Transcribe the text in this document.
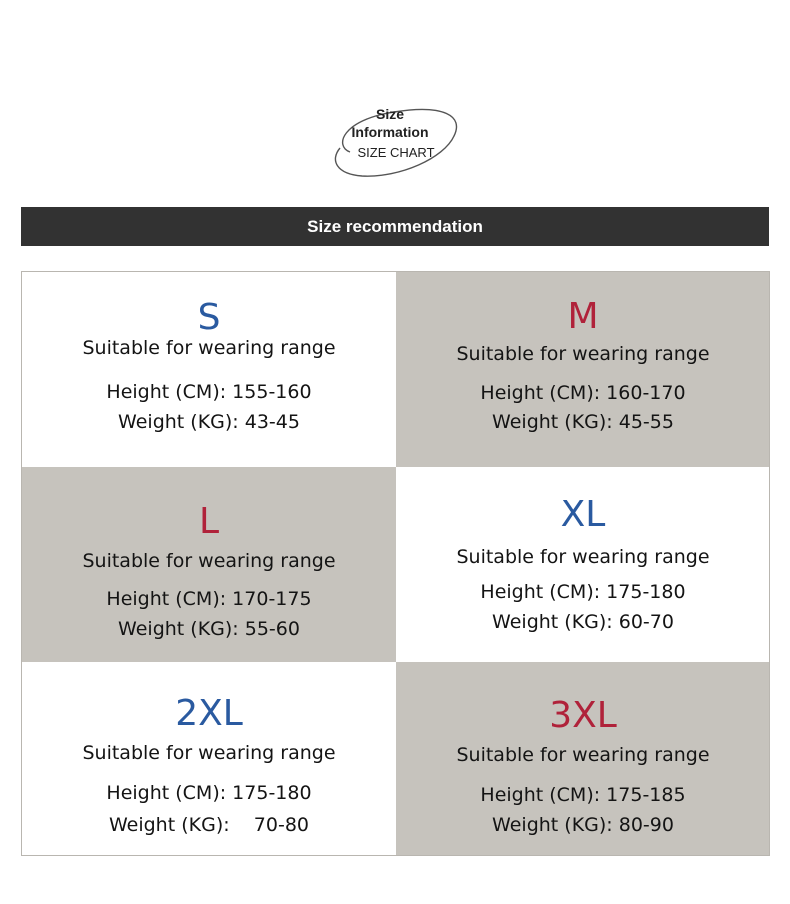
Size
Information
SIZE CHART
Size recommendation
S
Suitable for wearing range
Height (CM): 155-160
Weight (KG): 43-45
M
Suitable for wearing range
Height (CM): 160-170
Weight (KG): 45-55
L
Suitable for wearing range
Height (CM): 170-175
Weight (KG): 55-60
XL
Suitable for wearing range
Height (CM): 175-180
Weight (KG): 60-70
2XL
Suitable for wearing range
Height (CM): 175-180
Weight (KG):    70-80
3XL
Suitable for wearing range
Height (CM): 175-185
Weight (KG): 80-90
